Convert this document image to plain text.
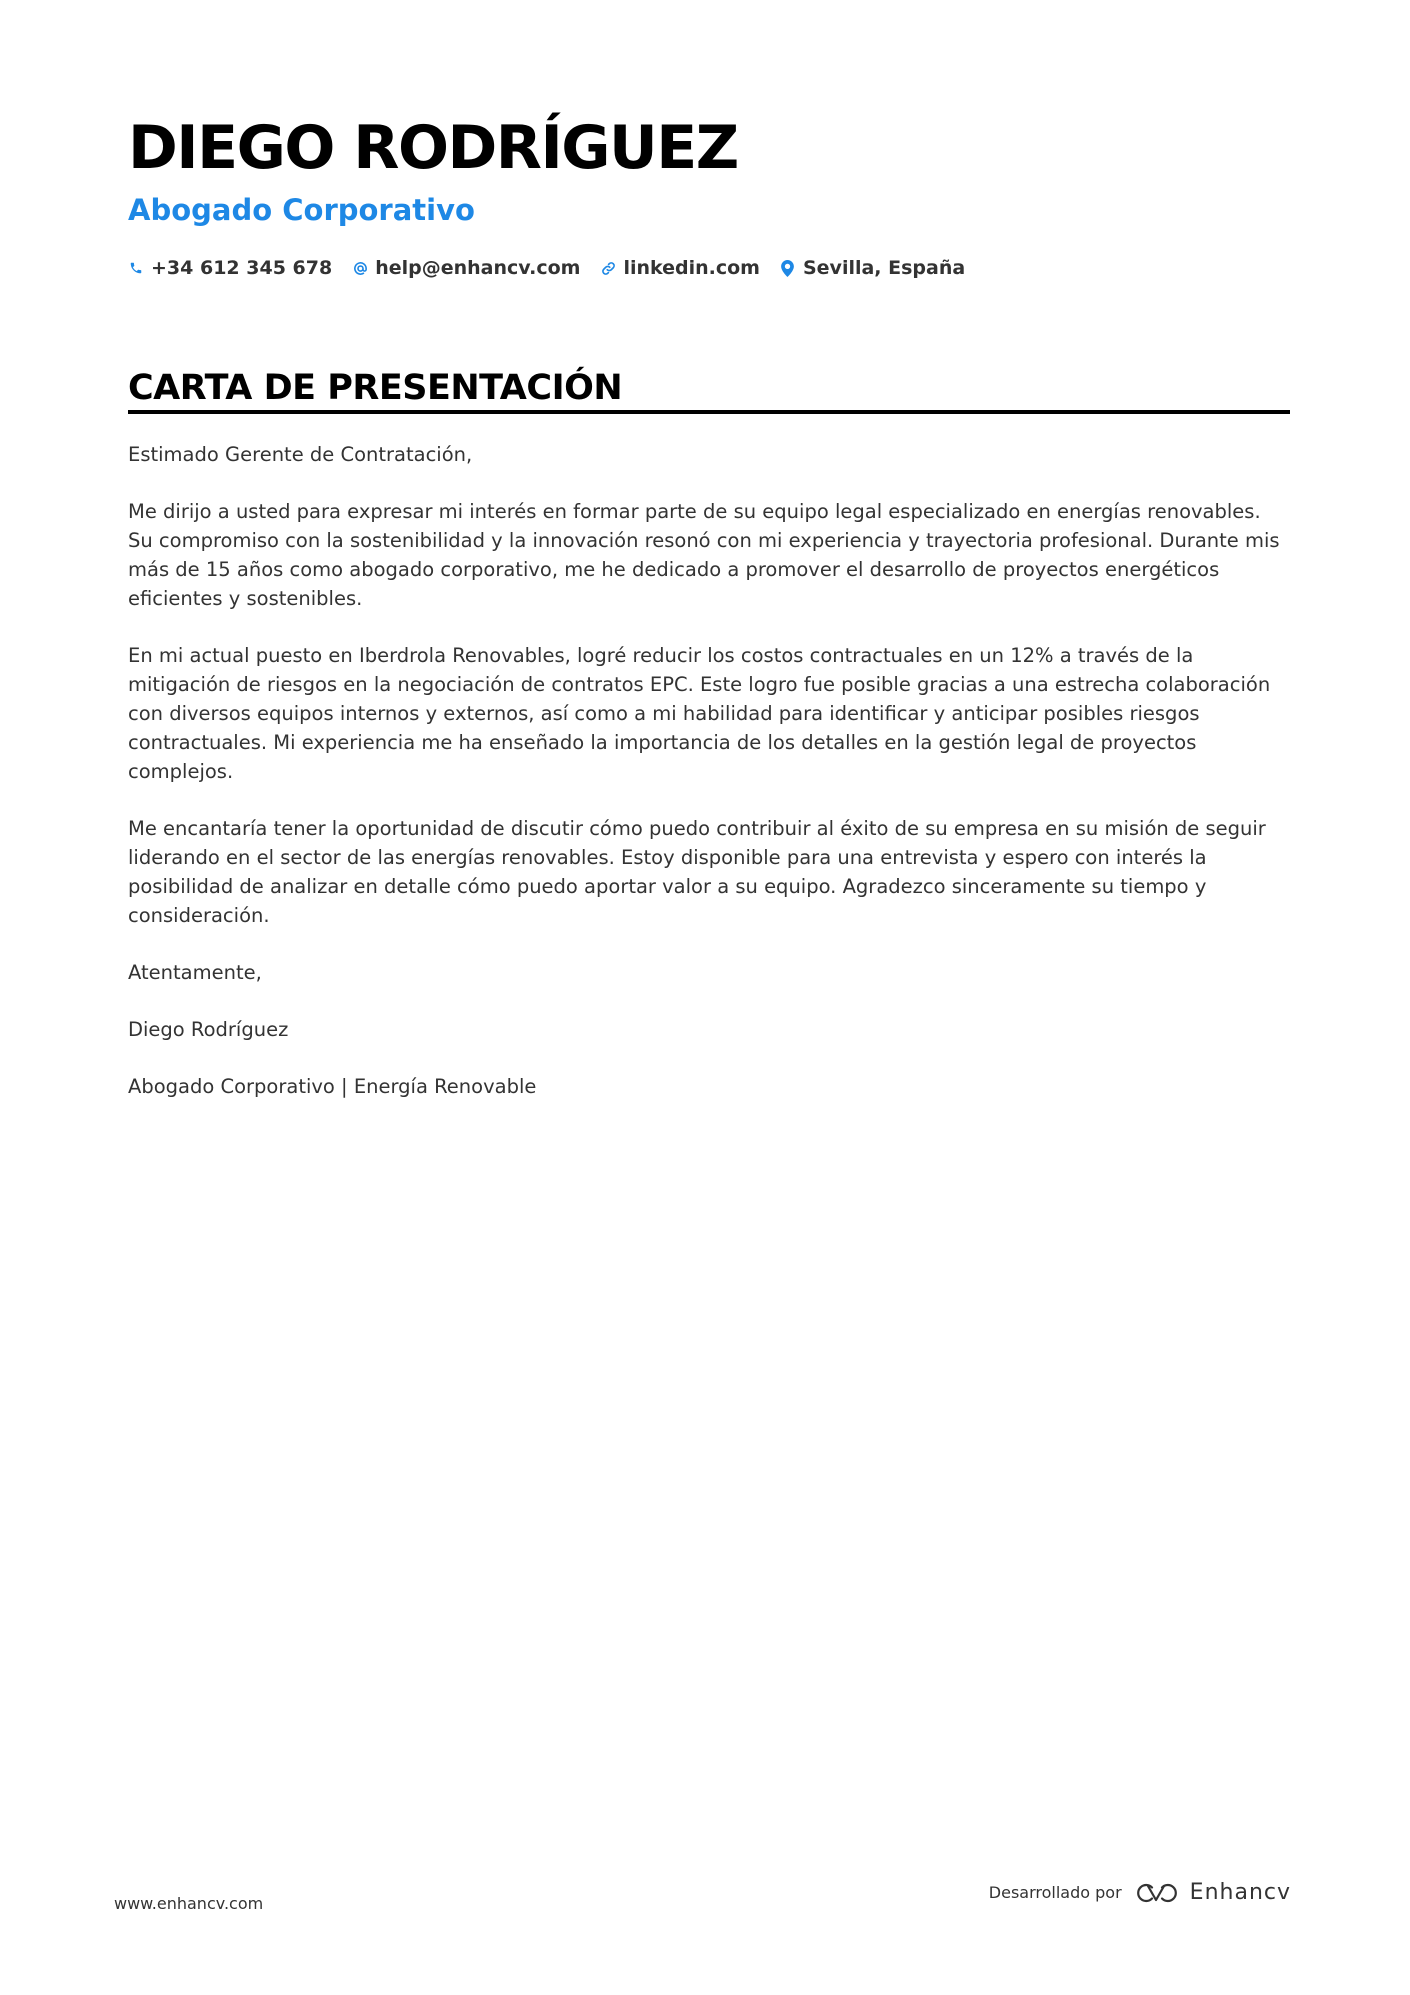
DIEGO RODRÍGUEZ
Abogado Corporativo
+34 612 345 678 help@enhancv.com linkedin.com Sevilla, España
CARTA DE PRESENTACIÓN

Estimado Gerente de Contratación,

Me dirijo a usted para expresar mi interés en formar parte de su equipo legal especializado en energías renovables. Su compromiso con la sostenibilidad y la innovación resonó con mi experiencia y trayectoria profesional. Durante mis más de 15 años como abogado corporativo, me he dedicado a promover el desarrollo de proyectos energéticos eficientes y sostenibles.

En mi actual puesto en Iberdrola Renovables, logré reducir los costos contractuales en un 12% a través de la mitigación de riesgos en la negociación de contratos EPC. Este logro fue posible gracias a una estrecha colaboración con diversos equipos internos y externos, así como a mi habilidad para identificar y anticipar posibles riesgos contractuales. Mi experiencia me ha enseñado la importancia de los detalles en la gestión legal de proyectos complejos.

Me encantaría tener la oportunidad de discutir cómo puedo contribuir al éxito de su empresa en su misión de seguir liderando en el sector de las energías renovables. Estoy disponible para una entrevista y espero con interés la posibilidad de analizar en detalle cómo puedo aportar valor a su equipo. Agradezco sinceramente su tiempo y consideración.

Atentamente,

Diego Rodríguez

Abogado Corporativo | Energía Renovable

www.enhancv.com
Desarrollado por	Enhancv
